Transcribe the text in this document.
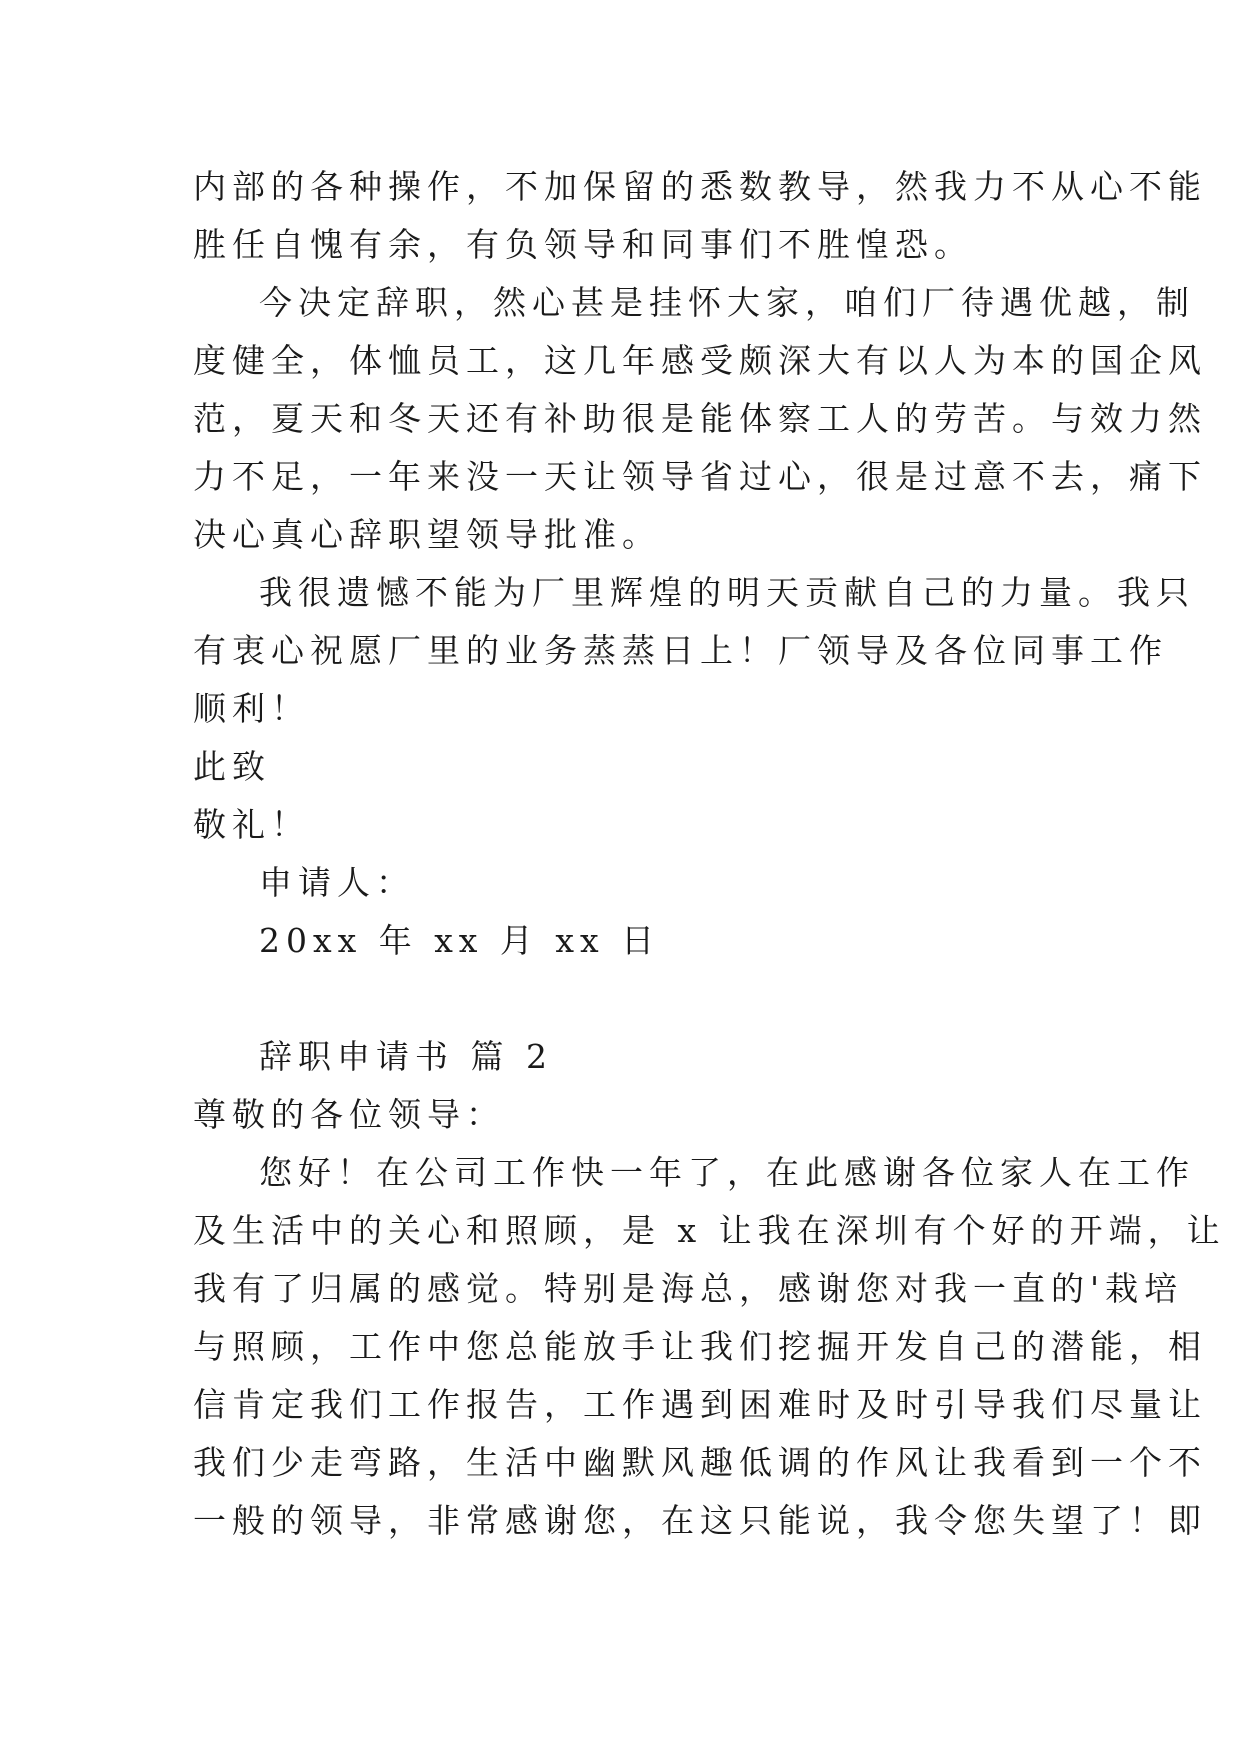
内部的各种操作，不加保留的悉数教导，然我力不从心不能
胜任自愧有余，有负领导和同事们不胜惶恐。
今决定辞职，然心甚是挂怀大家，咱们厂待遇优越，制
度健全，体恤员工，这几年感受颇深大有以人为本的国企风
范，夏天和冬天还有补助很是能体察工人的劳苦。与效力然
力不足，一年来没一天让领导省过心，很是过意不去，痛下
决心真心辞职望领导批准。
我很遗憾不能为厂里辉煌的明天贡献自己的力量。我只
有衷心祝愿厂里的业务蒸蒸日上！厂领导及各位同事工作
顺利！
此致
敬礼！
申请人：
20xx 年 xx 月 xx 日
辞职申请书 篇 2
尊敬的各位领导：
您好！在公司工作快一年了，在此感谢各位家人在工作
及生活中的关心和照顾，是 x 让我在深圳有个好的开端，让
我有了归属的感觉。特别是海总，感谢您对我一直的'栽培
与照顾，工作中您总能放手让我们挖掘开发自己的潜能，相
信肯定我们工作报告，工作遇到困难时及时引导我们尽量让
我们少走弯路，生活中幽默风趣低调的作风让我看到一个不
一般的领导，非常感谢您，在这只能说，我令您失望了！即
